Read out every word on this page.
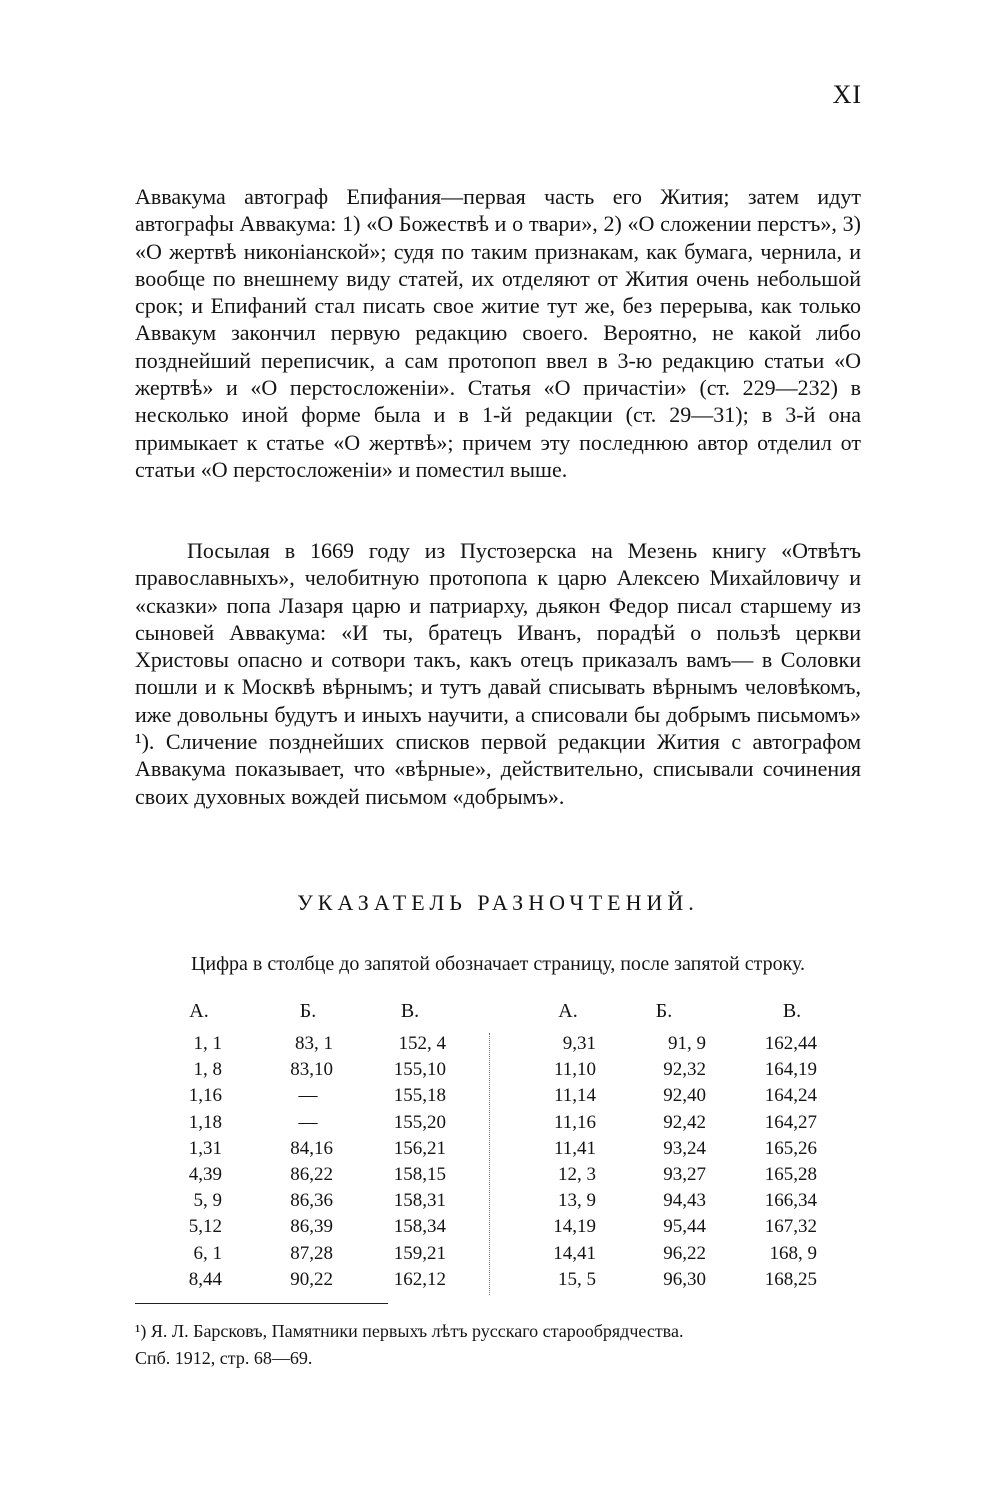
XI

Аввакума автограф Епифания—первая часть его Жития; затем идут автографы Аввакума: 1) «О Божествѣ и о твари», 2) «О сложении перстъ», 3) «О жертвѣ никоніанской»; судя по таким признакам, как бумага, чернила, и вообще по внешнему виду статей, их отделяют от Жития очень небольшой срок; и Епифаний стал писать свое житие тут же, без перерыва, как только Аввакум закончил первую редакцию своего. Вероятно, не какой либо позднейший переписчик, а сам протопоп ввел в 3-ю редакцию статьи «О жертвѣ» и «О перстосложеніи». Статья «О причастіи» (ст. 229—232) в несколько иной форме была и в 1-й редакции (ст. 29—31); в 3-й она примыкает к статье «О жертвѣ»; причем эту последнюю автор отделил от статьи «О перстосложеніи» и поместил выше.

Посылая в 1669 году из Пустозерска на Мезень книгу «Отвѣтъ православныхъ», челобитную протопопа к царю Алексею Михайловичу и «сказки» попа Лазаря царю и патриарху, дьякон Федор писал старшему из сыновей Аввакума: «И ты, братецъ Иванъ, порадѣй о пользѣ церкви Христовы опасно и сотвори такъ, какъ отецъ приказалъ вамъ— в Соловки пошли и к Москвѣ вѣрнымъ; и тутъ давай списывать вѣрнымъ человѣкомъ, иже довольны будутъ и иныхъ научити, а списовали бы добрымъ письмомъ» ¹). Сличение позднейших списков первой редакции Жития с автографом Аввакума показывает, что «вѣрные», действительно, списывали сочинения своих духовных вождей письмом «добрымъ».

УКАЗАТЕЛЬ РАЗНОЧТЕНИЙ.
Цифра в столбце до запятой обозначает страницу, после запятой строку.
А.	Б.	В.	А.	Б.	В.
1, 1	83, 1	152, 4	9,31	91, 9	162,44
1, 8	83,10	155,10	11,10	92,32	164,19
1,16	—	155,18	11,14	92,40	164,24
1,18	—	155,20	11,16	92,42	164,27
1,31	84,16	156,21	11,41	93,24	165,26
4,39	86,22	158,15	12, 3	93,27	165,28
5, 9	86,36	158,31	13, 9	94,43	166,34
5,12	86,39	158,34	14,19	95,44	167,32
6, 1	87,28	159,21	14,41	96,22	168, 9
8,44	90,22	162,12	15, 5	96,30	168,25

¹) Я. Л. Барсковъ, Памятники первыхъ лѣтъ русскаго старообрядчества.

Спб. 1912, стр. 68—69.
